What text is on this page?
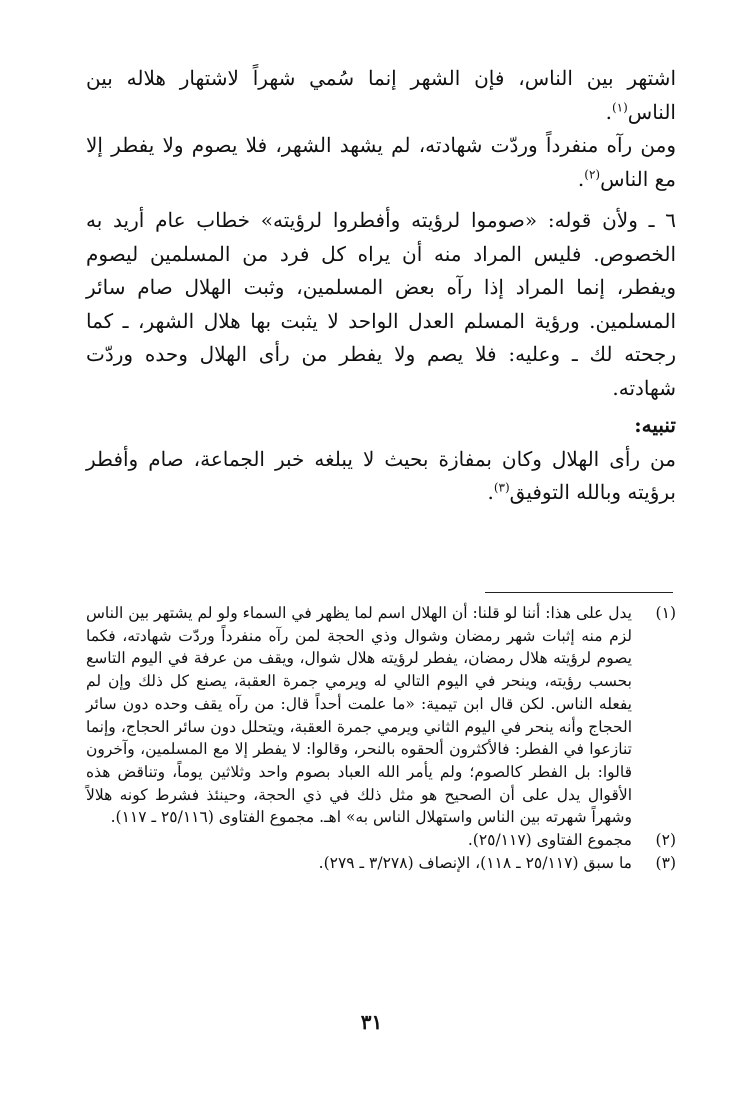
اشتهر بين الناس، فإن الشهر إنما سُمي شهراً لاشتهار هلاله بين الناس$^{(١)}$.

ومن رآه منفرداً وردّت شهادته، لم يشهد الشهر، فلا يصوم ولا يفطر إلا مع الناس$^{(٢)}$.

٦ ـ ولأن قوله: «صوموا لرؤيته وأفطروا لرؤيته» خطاب عام أريد به الخصوص. فليس المراد منه أن يراه كل فرد من المسلمين ليصوم ويفطر، إنما المراد إذا رآه بعض المسلمين، وثبت الهلال صام سائر المسلمين. ورؤية المسلم العدل الواحد لا يثبت بها هلال الشهر، ـ كما رجحته لك ـ وعليه: فلا يصم ولا يفطر من رأى الهلال وحده وردّت شهادته.

تنبيه:

من رأى الهلال وكان بمفازة بحيث لا يبلغه خبر الجماعة، صام وأفطر برؤيته وبالله التوفيق$^{(٣)}$.

(١)
يدل على هذا: أننا لو قلنا: أن الهلال اسم لما يظهر في السماء ولو لم يشتهر بين الناس لزم منه إثبات شهر رمضان وشوال وذي الحجة لمن رآه منفرداً وردّت شهادته، فكما يصوم لرؤيته هلال رمضان، يفطر لرؤيته هلال شوال، ويقف من عرفة في اليوم التاسع بحسب رؤيته، وينحر في اليوم التالي له ويرمي جمرة العقبة، يصنع كل ذلك وإن لم يفعله الناس. لكن قال ابن تيمية: «ما علمت أحداً قال: من رآه يقف وحده دون سائر الحجاج وأنه ينحر في اليوم الثاني ويرمي جمرة العقبة، ويتحلل دون سائر الحجاج، وإنما تنازعوا في الفطر: فالأكثرون ألحقوه بالنحر، وقالوا: لا يفطر إلا مع المسلمين، وآخرون قالوا: بل الفطر كالصوم؛ ولم يأمر الله العباد بصوم واحد وثلاثين يوماً، وتناقض هذه الأقوال يدل على أن الصحيح هو مثل ذلك في ذي الحجة، وحينئذ فشرط كونه هلالاً وشهراً شهرته بين الناس واستهلال الناس به» اهـ. مجموع الفتاوى (٢٥/١١٦ ـ ١١٧).
(٢)
مجموع الفتاوى (٢٥/١١٧).
(٣)
ما سبق (٢٥/١١٧ ـ ١١٨)، الإنصاف (٣/٢٧٨ ـ ٢٧٩).
٣١
